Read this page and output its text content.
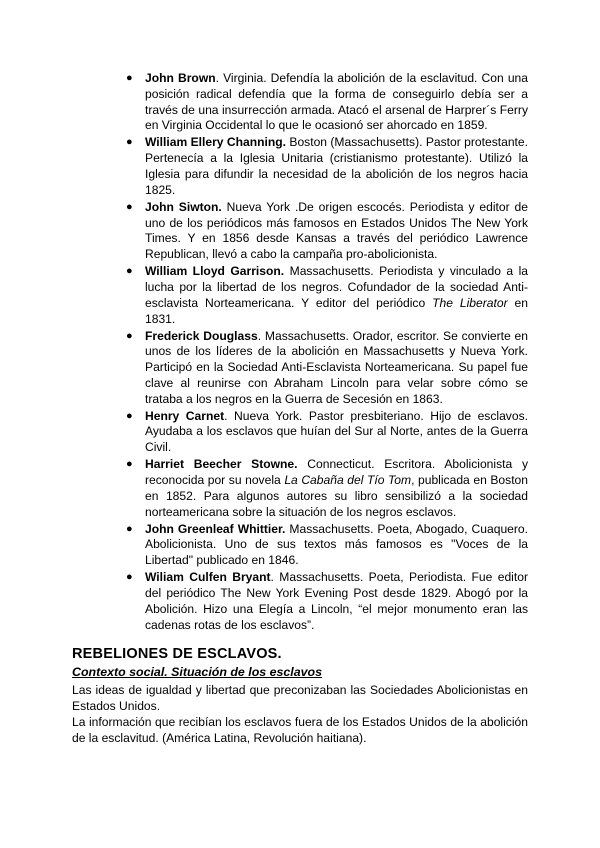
● John Brown. Virginia. Defendía la abolición de la esclavitud. Con una posición radical defendía que la forma de conseguirlo debía ser a través de una insurrección armada. Atacó el arsenal de Harprer´s Ferry en Virginia Occidental lo que le ocasionó ser ahorcado en 1859.
● William Ellery Channing. Boston (Massachusetts). Pastor protestante. Pertenecía a la Iglesia Unitaria (cristianismo protestante). Utilizó la Iglesia para difundir la necesidad de la abolición de los negros hacia 1825.
● John Siwton. Nueva York .De origen escocés. Periodista y editor de uno de los periódicos más famosos en Estados Unidos The New York Times. Y en 1856 desde Kansas a través del periódico Lawrence Republican, llevó a cabo la campaña pro-abolicionista.
● William Lloyd Garrison. Massachusetts. Periodista y vinculado a la lucha por la libertad de los negros. Cofundador de la sociedad Anti-esclavista Norteamericana. Y editor del periódico The Liberator en 1831.
● Frederick Douglass. Massachusetts. Orador, escritor. Se convierte en unos de los líderes de la abolición en Massachusetts y Nueva York. Participó en la Sociedad Anti-Esclavista Norteamericana. Su papel fue clave al reunirse con Abraham Lincoln para velar sobre cómo se trataba a los negros en la Guerra de Secesión en 1863.
● Henry Carnet. Nueva York. Pastor presbiteriano. Hijo de esclavos. Ayudaba a los esclavos que huían del Sur al Norte, antes de la Guerra Civil.
● Harriet Beecher Stowne. Connecticut. Escritora. Abolicionista y reconocida por su novela La Cabaña del Tío Tom, publicada en Boston en 1852. Para algunos autores su libro sensibilizó a la sociedad norteamericana sobre la situación de los negros esclavos.
● John Greenleaf Whittier. Massachusetts. Poeta, Abogado, Cuaquero. Abolicionista. Uno de sus textos más famosos es "Voces de la Libertad" publicado en 1846.
● Wiliam Culfen Bryant. Massachusetts. Poeta, Periodista. Fue editor del periódico The New York Evening Post desde 1829. Abogó por la Abolición. Hizo una Elegía a Lincoln, “el mejor monumento eran las cadenas rotas de los esclavos”.
REBELIONES DE ESCLAVOS.
Contexto social. Situación de los esclavos

Las ideas de igualdad y libertad que preconizaban las Sociedades Abolicionistas en Estados Unidos.

La información que recibían los esclavos fuera de los Estados Unidos de la abolición de la esclavitud. (América Latina, Revolución haitiana).
